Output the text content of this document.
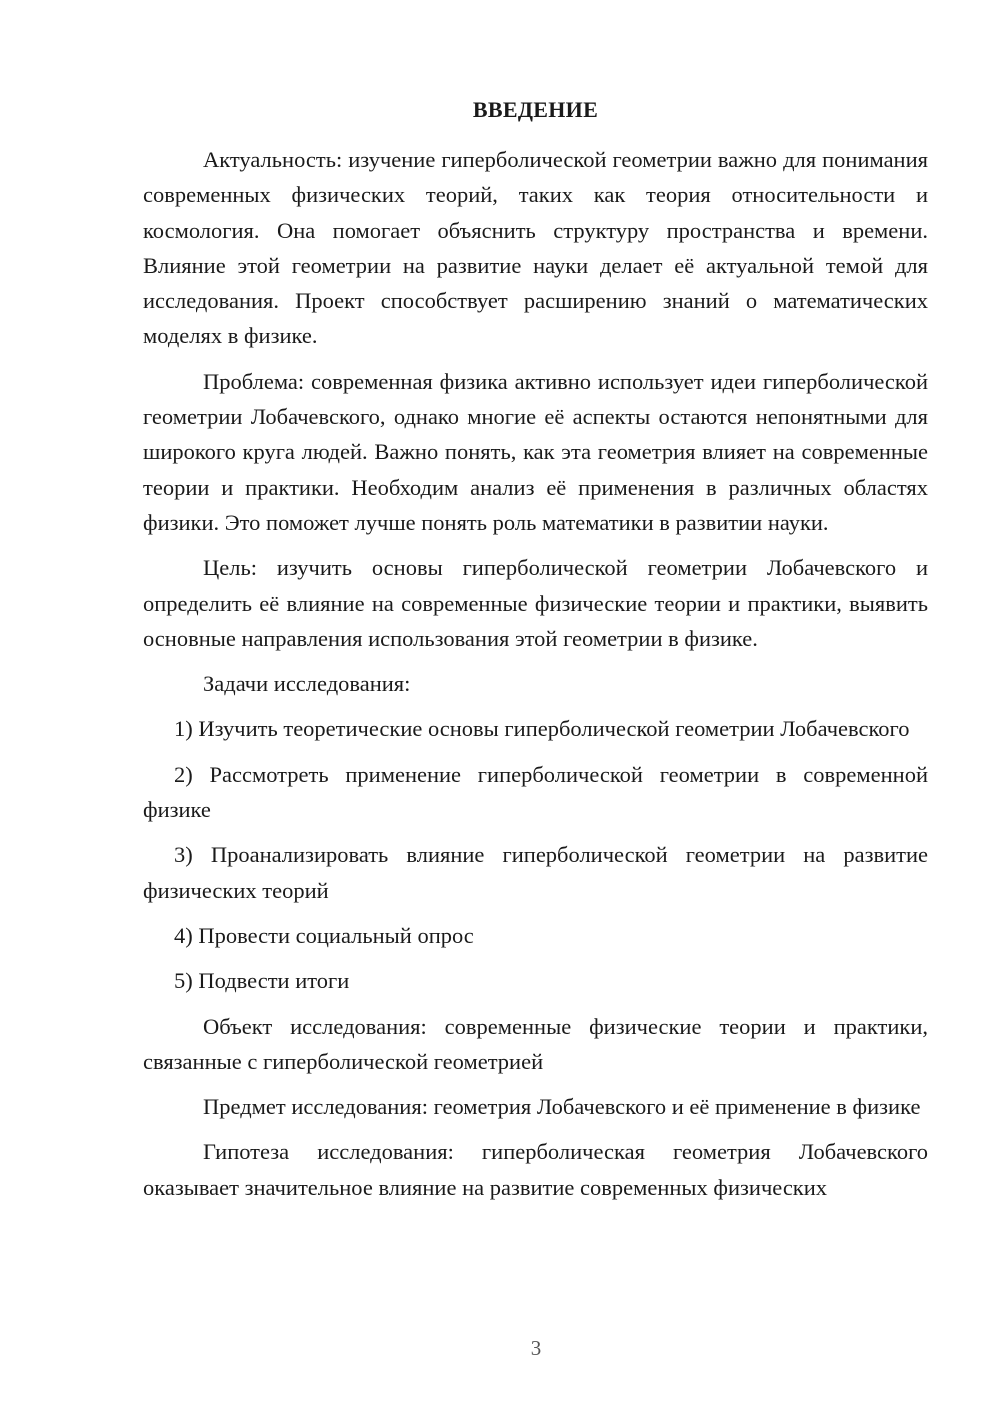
ВВЕДЕНИЕ

Актуальность: изучение гиперболической геометрии важно для понимания современных физических теорий, таких как теория относительности и космология. Она помогает объяснить структуру пространства и времени. Влияние этой геометрии на развитие науки делает её актуальной темой для исследования. Проект способствует расширению знаний о математических моделях в физике.

Проблема: современная физика активно использует идеи гиперболической геометрии Лобачевского, однако многие её аспекты остаются непонятными для широкого круга людей. Важно понять, как эта геометрия влияет на современные теории и практики. Необходим анализ её применения в различных областях физики. Это поможет лучше понять роль математики в развитии науки.

Цель: изучить основы гиперболической геометрии Лобачевского и определить её влияние на современные физические теории и практики, выявить основные направления использования этой геометрии в физике.

Задачи исследования:

1) Изучить теоретические основы гиперболической геометрии Лобачевского

2) Рассмотреть применение гиперболической геометрии в современной физике

3) Проанализировать влияние гиперболической геометрии на развитие физических теорий

4) Провести социальный опрос

5) Подвести итоги

Объект исследования: современные физические теории и практики, связанные с гиперболической геометрией

Предмет исследования: геометрия Лобачевского и её применение в физике

Гипотеза исследования: гиперболическая геометрия Лобачевского оказывает значительное влияние на развитие современных физических

3
